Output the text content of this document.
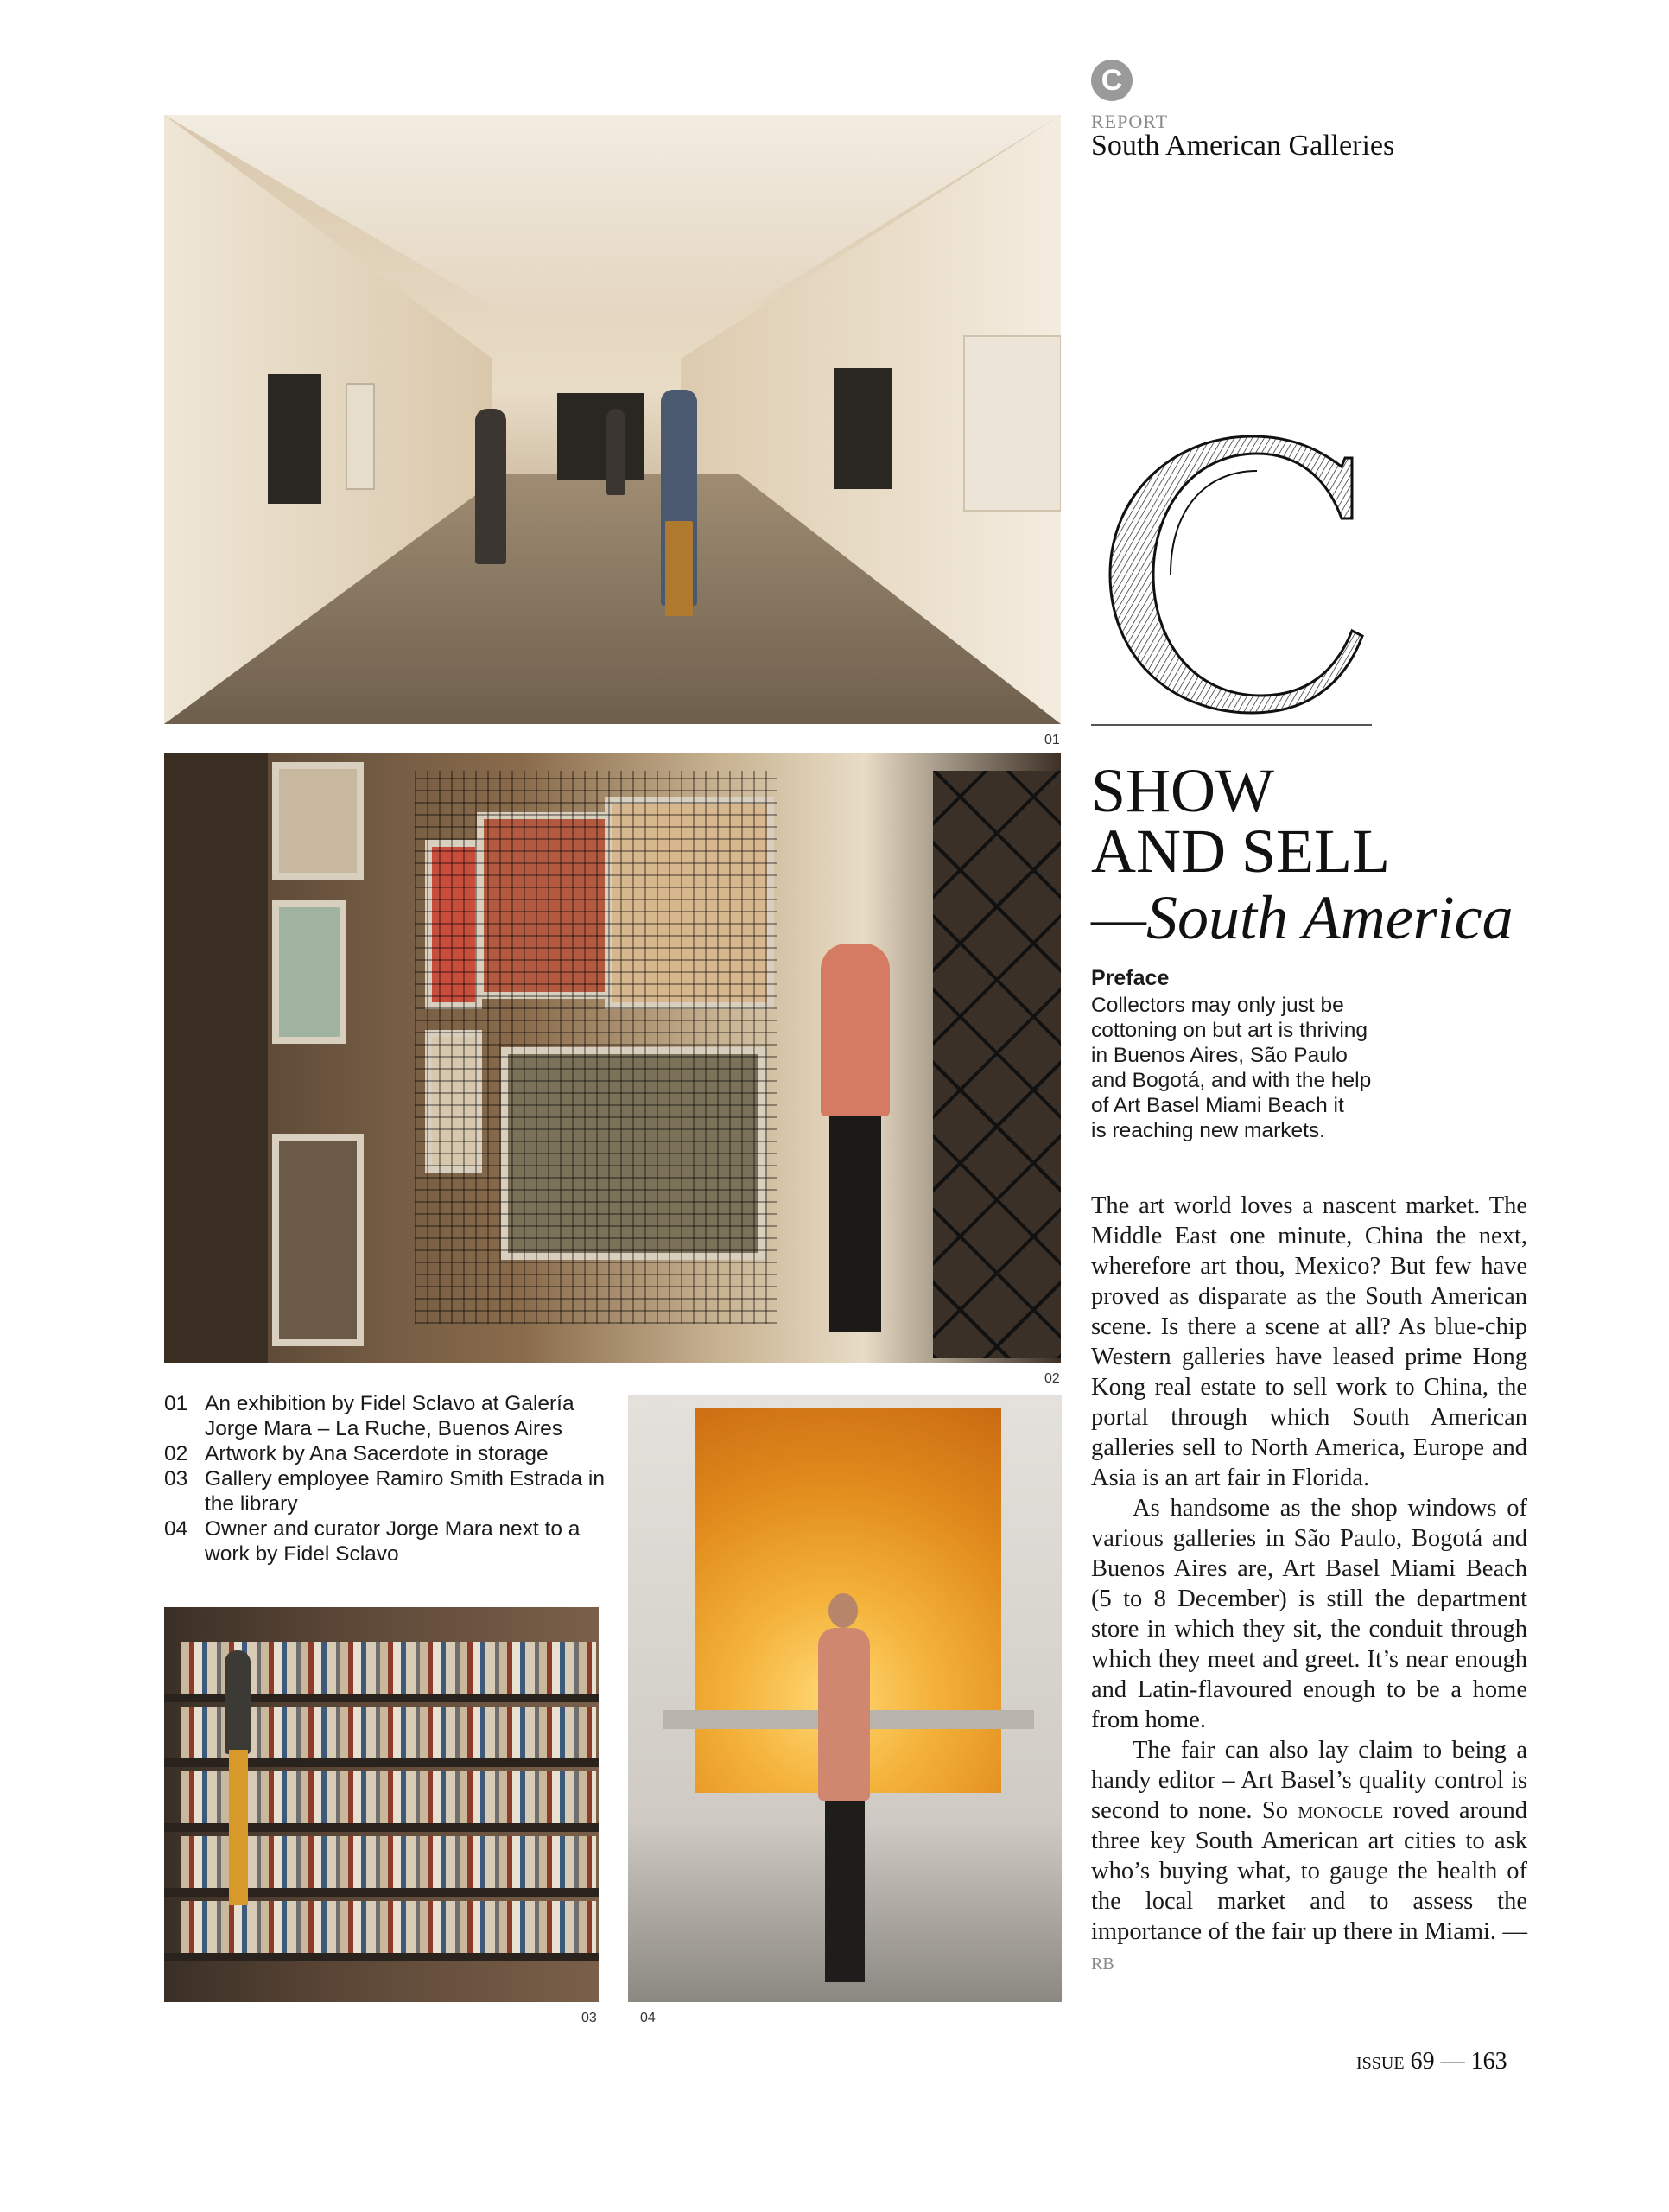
C
REPORT
South American Galleries
01
02
01 An exhibition by Fidel Sclavo at Galería Jorge Mara – La Ruche, Buenos Aires
02 Artwork by Ana Sacerdote in storage
03 Gallery employee Ramiro Smith Estrada in the library
04 Owner and curator Jorge Mara next to a work by Fidel Sclavo
03	04
SHOW
AND SELL
—South America
Preface
Collectors may only just be
cottoning on but art is thriving
in Buenos Aires, São Paulo
and Bogotá, and with the help
of Art Basel Miami Beach it
is reaching new markets.

The art world loves a nascent market. The Middle East one minute, China the next, wherefore art thou, Mexico? But few have proved as disparate as the South American scene. Is there a scene at all? As blue-chip Western galleries have leased prime Hong Kong real estate to sell work to China, the portal through which South American galleries sell to North America, Europe and Asia is an art fair in Florida.

As handsome as the shop windows of various galleries in São Paulo, Bogotá and Buenos Aires are, Art Basel Miami Beach (5 to 8 December) is still the department store in which they sit, the conduit through which they meet and greet. It’s near enough and Latin-flavoured enough to be a home from home.

The fair can also lay claim to being a handy editor – Art Basel’s quality control is second to none. So monocle roved around three key South American art cities to ask who’s buying what, to gauge the health of the local market and to assess the importance of the fair up there in Miami. — RB

issue 69 — 163
